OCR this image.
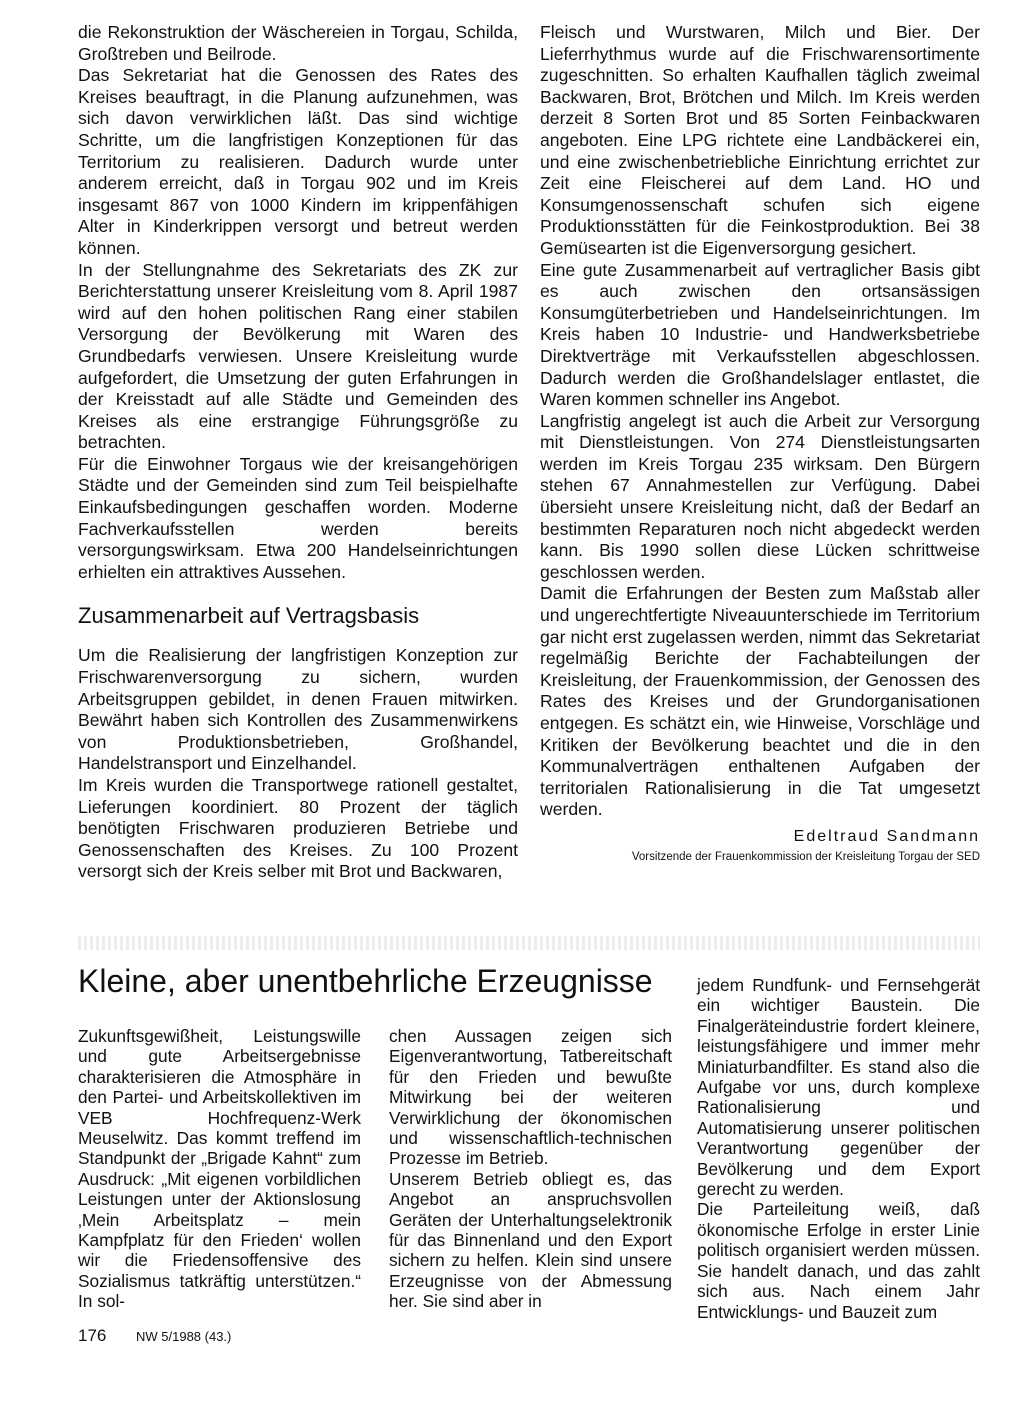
die Rekonstruktion der Wäschereien in Torgau, Schilda, Großtreben und Beilrode.

Das Sekretariat hat die Genossen des Rates des Kreises beauftragt, in die Planung aufzunehmen, was sich davon verwirklichen läßt. Das sind wichtige Schritte, um die langfristigen Konzeptionen für das Territorium zu realisieren. Dadurch wurde unter anderem erreicht, daß in Torgau 902 und im Kreis insgesamt 867 von 1000 Kindern im krippenfähigen Alter in Kinderkrippen versorgt und betreut werden können.

In der Stellungnahme des Sekretariats des ZK zur Berichterstattung unserer Kreisleitung vom 8. April 1987 wird auf den hohen politischen Rang einer stabilen Versorgung der Bevölkerung mit Waren des Grundbedarfs verwiesen. Unsere Kreisleitung wurde aufgefordert, die Umsetzung der guten Erfahrungen in der Kreisstadt auf alle Städte und Gemeinden des Kreises als eine erstrangige Führungsgröße zu betrachten.

Für die Einwohner Torgaus wie der kreisangehörigen Städte und der Gemeinden sind zum Teil beispielhafte Einkaufsbedingungen geschaffen worden. Moderne Fachverkaufsstellen werden bereits versorgungswirksam. Etwa 200 Handelseinrichtungen erhielten ein attraktives Aussehen.

Zusammenarbeit auf Vertragsbasis

Um die Realisierung der langfristigen Konzeption zur Frischwarenversorgung zu sichern, wurden Arbeitsgruppen gebildet, in denen Frauen mitwirken. Bewährt haben sich Kontrollen des Zusammenwirkens von Produktionsbetrieben, Großhandel, Handelstransport und Einzelhandel.

Im Kreis wurden die Transportwege rationell gestaltet, Lieferungen koordiniert. 80 Prozent der täglich benötigten Frischwaren produzieren Betriebe und Genossenschaften des Kreises. Zu 100 Prozent versorgt sich der Kreis selber mit Brot und Backwaren,

Fleisch und Wurstwaren, Milch und Bier. Der Lieferrhythmus wurde auf die Frischwarensortimente zugeschnitten. So erhalten Kaufhallen täglich zweimal Backwaren, Brot, Brötchen und Milch. Im Kreis werden derzeit 8 Sorten Brot und 85 Sorten Feinbackwaren angeboten. Eine LPG richtete eine Landbäckerei ein, und eine zwischenbetriebliche Einrichtung errichtet zur Zeit eine Fleischerei auf dem Land. HO und Konsumgenossenschaft schufen sich eigene Produktionsstätten für die Feinkostproduktion. Bei 38 Gemüsearten ist die Eigenversorgung gesichert.

Eine gute Zusammenarbeit auf vertraglicher Basis gibt es auch zwischen den ortsansässigen Konsumgüterbetrieben und Handelseinrichtungen. Im Kreis haben 10 Industrie- und Handwerksbetriebe Direktverträge mit Verkaufsstellen abgeschlossen. Dadurch werden die Großhandelslager entlastet, die Waren kommen schneller ins Angebot.

Langfristig angelegt ist auch die Arbeit zur Versorgung mit Dienstleistungen. Von 274 Dienstleistungsarten werden im Kreis Torgau 235 wirksam. Den Bürgern stehen 67 Annahmestellen zur Verfügung. Dabei übersieht unsere Kreisleitung nicht, daß der Bedarf an bestimmten Reparaturen noch nicht abgedeckt werden kann. Bis 1990 sollen diese Lücken schrittweise geschlossen werden.

Damit die Erfahrungen der Besten zum Maßstab aller und ungerechtfertigte Niveauunterschiede im Territorium gar nicht erst zugelassen werden, nimmt das Sekretariat regelmäßig Berichte der Fachabteilungen der Kreisleitung, der Frauenkommission, der Genossen des Rates des Kreises und der Grundorganisationen entgegen. Es schätzt ein, wie Hinweise, Vorschläge und Kritiken der Bevölkerung beachtet und die in den Kommunalverträgen enthaltenen Aufgaben der territorialen Rationalisierung in die Tat umgesetzt werden.

Edeltraud Sandmann
Vorsitzende der Frauenkommission der Kreisleitung Torgau der SED
Kleine, aber unentbehrliche Erzeugnisse

Zukunftsgewißheit, Leistungswille und gute Arbeitsergebnisse charakterisieren die Atmosphäre in den Partei- und Arbeitskollektiven im VEB Hochfrequenz-Werk Meuselwitz. Das kommt treffend im Standpunkt der „Brigade Kahnt“ zum Ausdruck: „Mit eigenen vorbildlichen Leistungen unter der Aktionslosung ‚Mein Arbeitsplatz – mein Kampfplatz für den Frieden‘ wollen wir die Friedensoffensive des Sozialismus tatkräftig unterstützen.“ In sol-

chen Aussagen zeigen sich Eigenverantwortung, Tatbereitschaft für den Frieden und bewußte Mitwirkung bei der weiteren Verwirklichung der ökonomischen und wissenschaftlich-technischen Prozesse im Betrieb.

Unserem Betrieb obliegt es, das Angebot an anspruchsvollen Geräten der Unterhaltungselektronik für das Binnenland und den Export sichern zu helfen. Klein sind unsere Erzeugnisse von der Abmessung her. Sie sind aber in

jedem Rundfunk- und Fernsehgerät ein wichtiger Baustein. Die Finalgeräteindustrie fordert kleinere, leistungsfähigere und immer mehr Miniaturbandfilter. Es stand also die Aufgabe vor uns, durch komplexe Rationalisierung und Automatisierung unserer politischen Verantwortung gegenüber der Bevölkerung und dem Export gerecht zu werden.

Die Parteileitung weiß, daß ökonomische Erfolge in erster Linie politisch organisiert werden müssen. Sie handelt danach, und das zahlt sich aus. Nach einem Jahr Entwicklungs- und Bauzeit zum

176 NW 5/1988 (43.)
